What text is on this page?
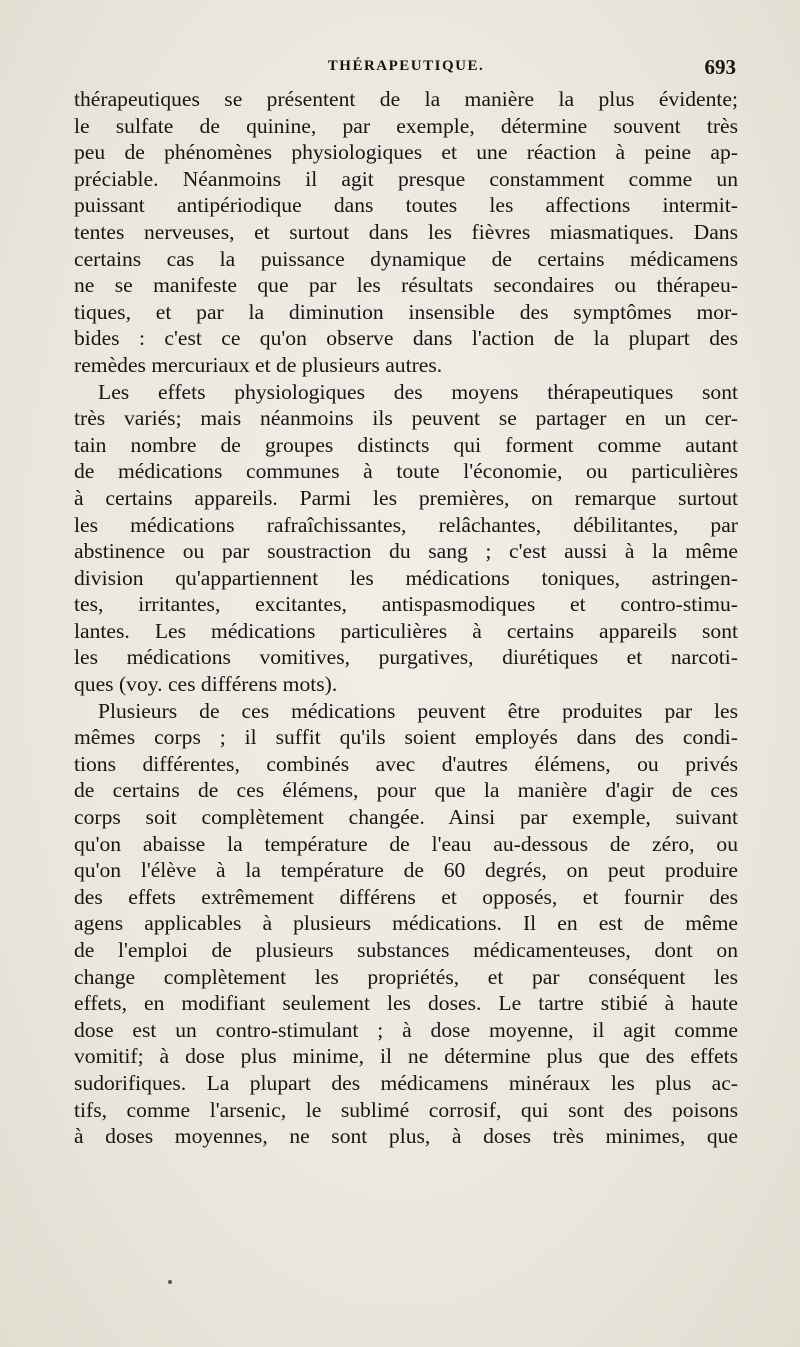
THÉRAPEUTIQUE.	693
thérapeutiques se présentent de la manière la plus évidente;
le sulfate de quinine, par exemple, détermine souvent très
peu de phénomènes physiologiques et une réaction à peine ap-
préciable. Néanmoins il agit presque constamment comme un
puissant antipériodique dans toutes les affections intermit-
tentes nerveuses, et surtout dans les fièvres miasmatiques. Dans
certains cas la puissance dynamique de certains médicamens
ne se manifeste que par les résultats secondaires ou thérapeu-
tiques, et par la diminution insensible des symptômes mor-
bides : c'est ce qu'on observe dans l'action de la plupart des
remèdes mercuriaux et de plusieurs autres.
Les effets physiologiques des moyens thérapeutiques sont
très variés; mais néanmoins ils peuvent se partager en un cer-
tain nombre de groupes distincts qui forment comme autant
de médications communes à toute l'économie, ou particulières
à certains appareils. Parmi les premières, on remarque surtout
les médications rafraîchissantes, relâchantes, débilitantes, par
abstinence ou par soustraction du sang ; c'est aussi à la même
division qu'appartiennent les médications toniques, astringen-
tes, irritantes, excitantes, antispasmodiques et contro-stimu-
lantes. Les médications particulières à certains appareils sont
les médications vomitives, purgatives, diurétiques et narcoti-
ques (voy. ces différens mots).
Plusieurs de ces médications peuvent être produites par les
mêmes corps ; il suffit qu'ils soient employés dans des condi-
tions différentes, combinés avec d'autres élémens, ou privés
de certains de ces élémens, pour que la manière d'agir de ces
corps soit complètement changée. Ainsi par exemple, suivant
qu'on abaisse la température de l'eau au-dessous de zéro, ou
qu'on l'élève à la température de 60 degrés, on peut produire
des effets extrêmement différens et opposés, et fournir des
agens applicables à plusieurs médications. Il en est de même
de l'emploi de plusieurs substances médicamenteuses, dont on
change complètement les propriétés, et par conséquent les
effets, en modifiant seulement les doses. Le tartre stibié à haute
dose est un contro-stimulant ; à dose moyenne, il agit comme
vomitif; à dose plus minime, il ne détermine plus que des effets
sudorifiques. La plupart des médicamens minéraux les plus ac-
tifs, comme l'arsenic, le sublimé corrosif, qui sont des poisons
à doses moyennes, ne sont plus, à doses très minimes, que
